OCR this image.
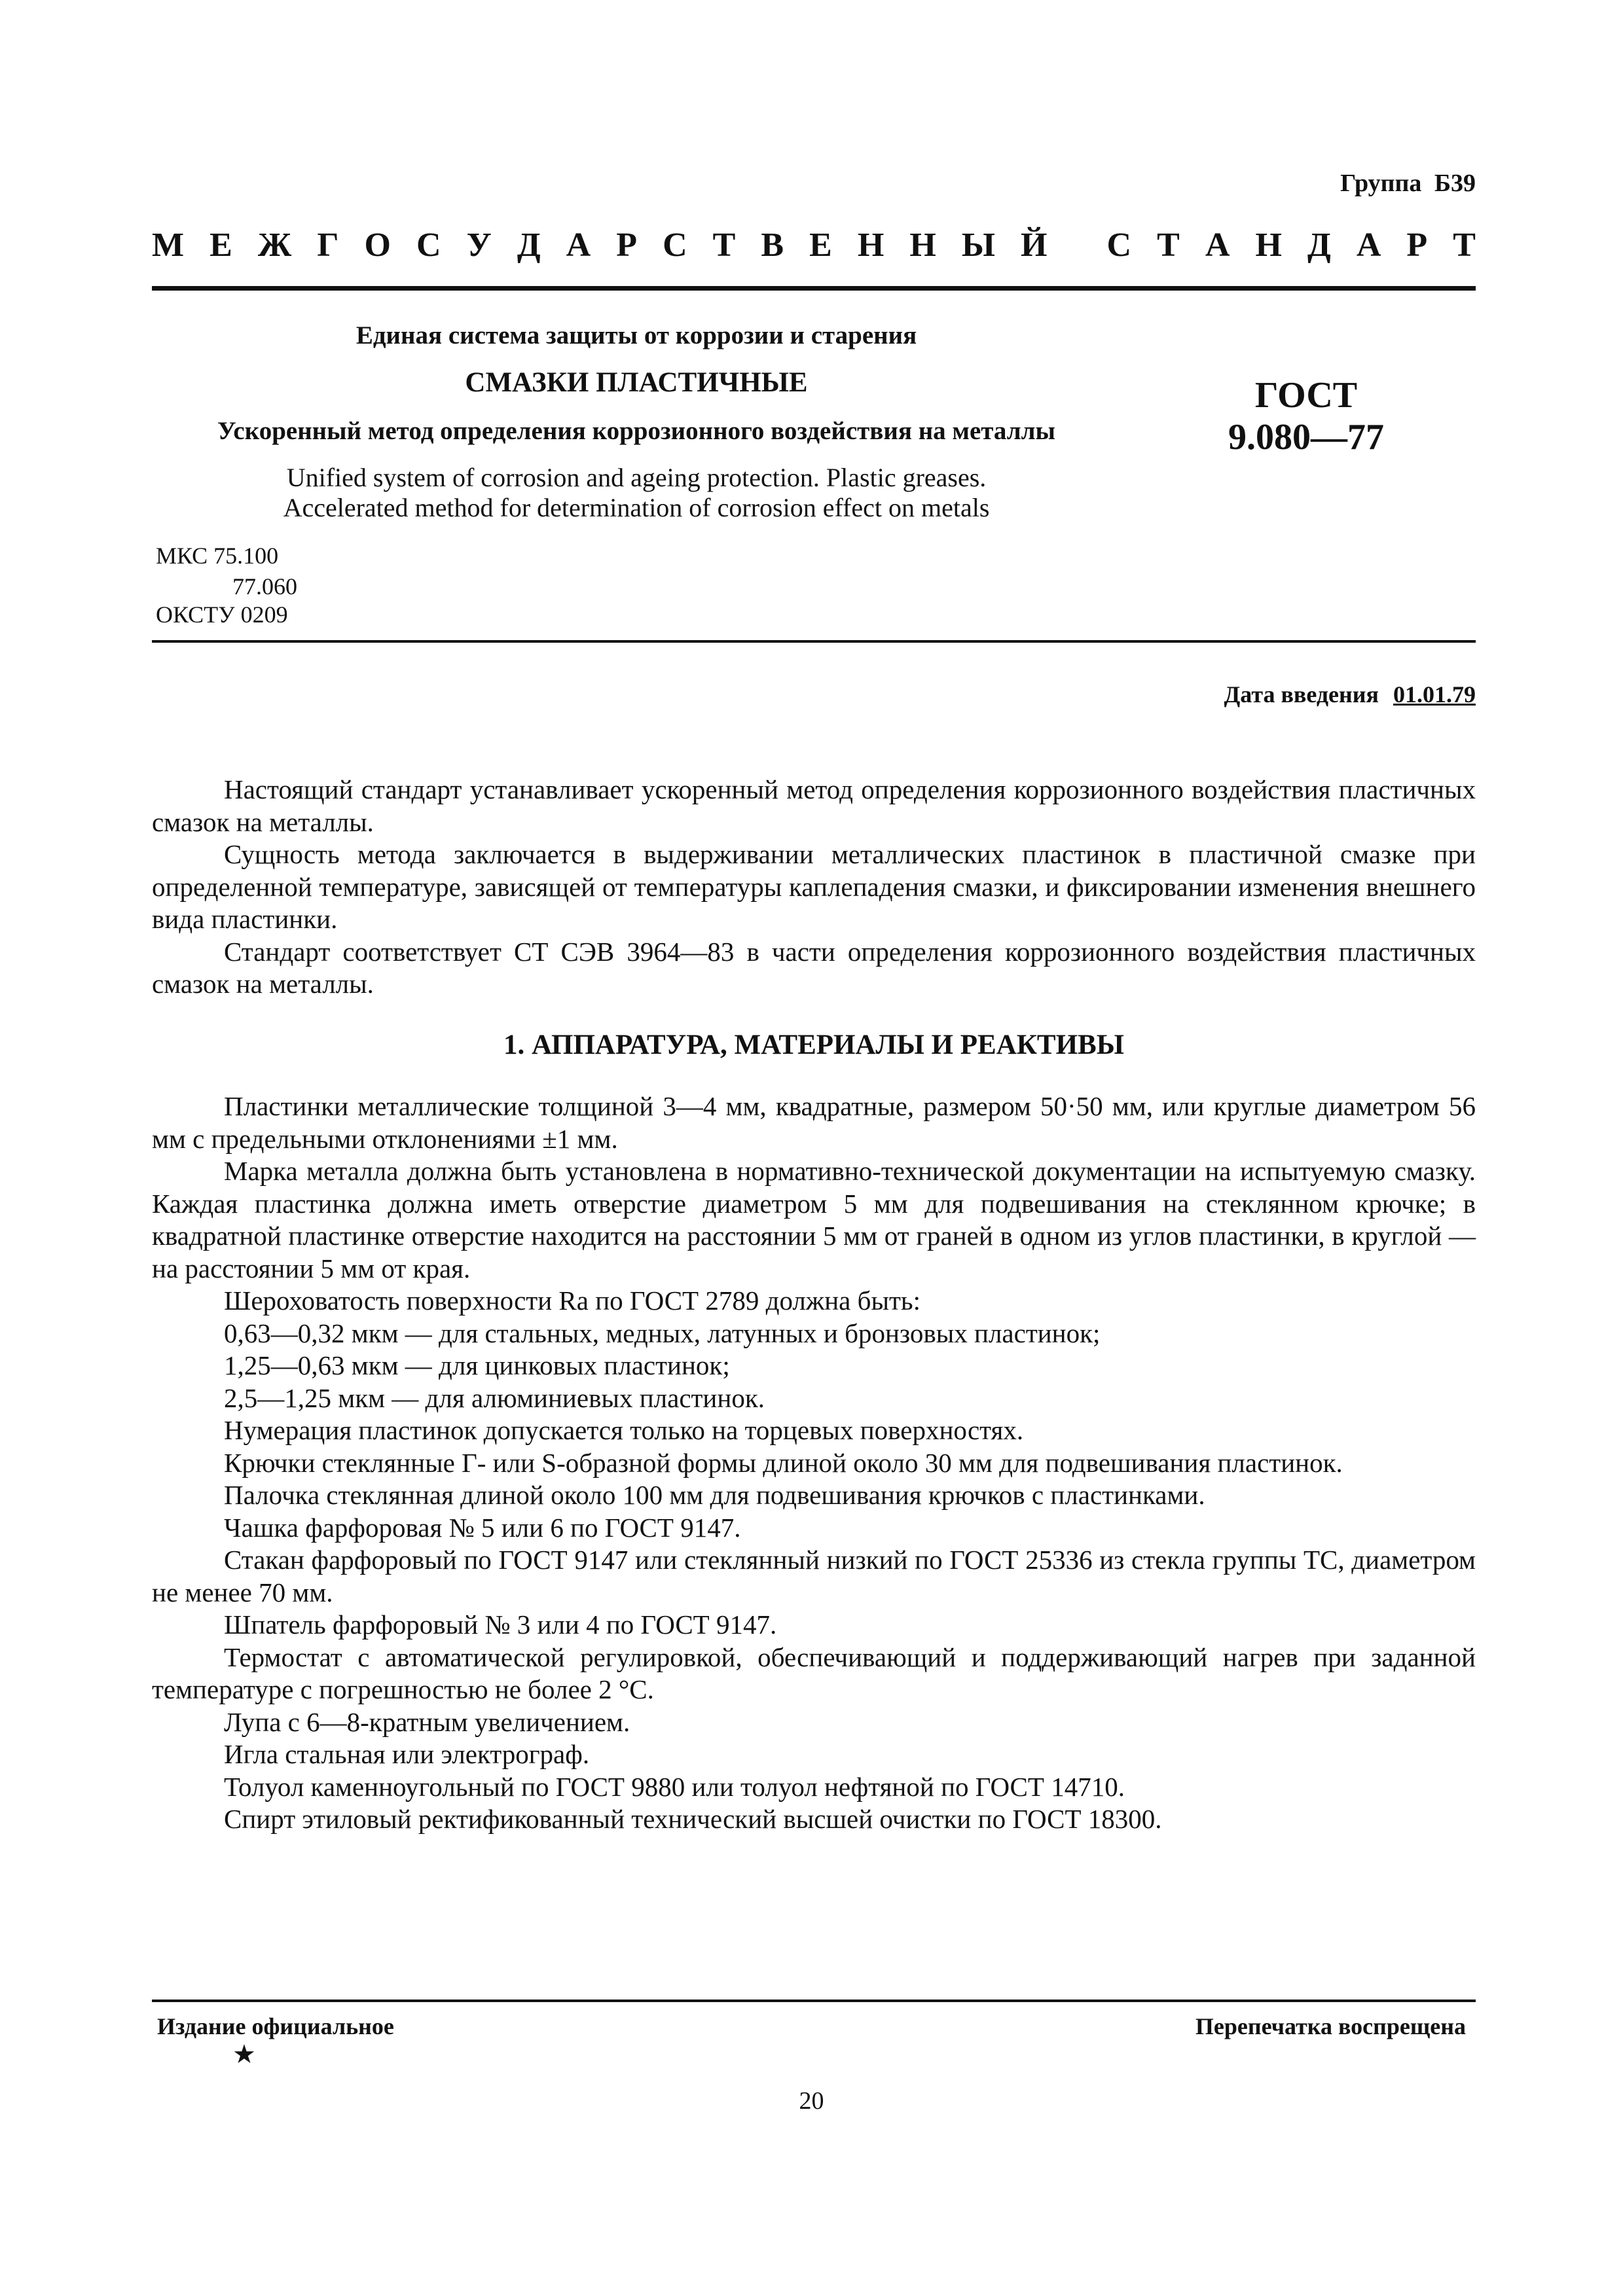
Группа Б39
М Е Ж Г О С У Д А Р С Т В Е Н Н Ы Й
С Т А Н Д А Р Т
Единая система защиты от коррозии и старения
СМАЗКИ ПЛАСТИЧНЫЕ
Ускоренный метод определения коррозионного воздействия на металлы
Unified system of corrosion and ageing protection. Plastic greases.
Accelerated method for determination of corrosion effect on metals
ГОСТ
9.080—77
МКС 75.100
77.060
ОКСТУ 0209
Дата введения 01.01.79

Настоящий стандарт устанавливает ускоренный метод определения коррозионного воздействия пластичных смазок на металлы.

Сущность метода заключается в выдерживании металлических пластинок в пластичной смазке при определенной температуре, зависящей от температуры каплепадения смазки, и фиксировании изменения внешнего вида пластинки.

Стандарт соответствует СТ СЭВ 3964—83 в части определения коррозионного воздействия пластичных смазок на металлы.

1. АППАРАТУРА, МАТЕРИАЛЫ И РЕАКТИВЫ

Пластинки металлические толщиной 3—4 мм, квадратные, размером 50·50 мм, или круглые диаметром 56 мм с предельными отклонениями ±1 мм.

Марка металла должна быть установлена в нормативно-технической документации на испытуемую смазку. Каждая пластинка должна иметь отверстие диаметром 5 мм для подвешивания на стеклянном крючке; в квадратной пластинке отверстие находится на расстоянии 5 мм от граней в одном из углов пластинки, в круглой — на расстоянии 5 мм от края.

Шероховатость поверхности Ra по ГОСТ 2789 должна быть:

0,63—0,32 мкм — для стальных, медных, латунных и бронзовых пластинок;

1,25—0,63 мкм — для цинковых пластинок;

2,5—1,25 мкм — для алюминиевых пластинок.

Нумерация пластинок допускается только на торцевых поверхностях.

Крючки стеклянные Г- или S-образной формы длиной около 30 мм для подвешивания пластинок.

Палочка стеклянная длиной около 100 мм для подвешивания крючков с пластинками.

Чашка фарфоровая № 5 или 6 по ГОСТ 9147.

Стакан фарфоровый по ГОСТ 9147 или стеклянный низкий по ГОСТ 25336 из стекла группы ТС, диаметром не менее 70 мм.

Шпатель фарфоровый № 3 или 4 по ГОСТ 9147.

Термостат с автоматической регулировкой, обеспечивающий и поддерживающий нагрев при заданной температуре с погрешностью не более 2 °С.

Лупа с 6—8-кратным увеличением.

Игла стальная или электрограф.

Толуол каменноугольный по ГОСТ 9880 или толуол нефтяной по ГОСТ 14710.

Спирт этиловый ректификованный технический высшей очистки по ГОСТ 18300.

Издание официальное
★
Перепечатка воспрещена
20
